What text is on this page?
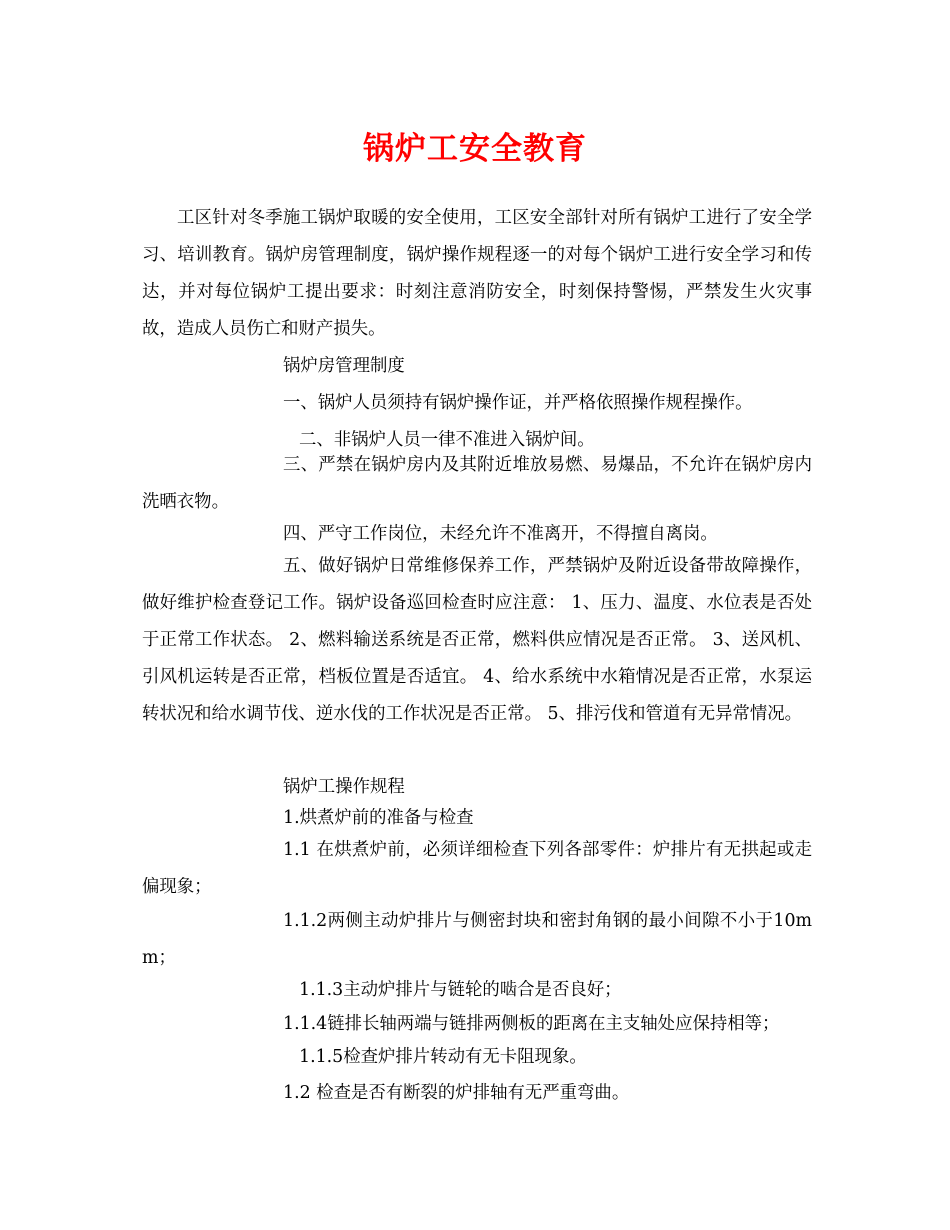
锅炉工安全教育

工区针对冬季施工锅炉取暖的安全使用，工区安全部针对所有锅炉工进行了安全学习、培训教育。锅炉房管理制度，锅炉操作规程逐一的对每个锅炉工进行安全学习和传达，并对每位锅炉工提出要求：时刻注意消防安全，时刻保持警惕，严禁发生火灾事故，造成人员伤亡和财产损失。

锅炉房管理制度
一、锅炉人员须持有锅炉操作证，并严格依照操作规程操作。
二、非锅炉人员一律不准进入锅炉间。

三、严禁在锅炉房内及其附近堆放易燃、易爆品，不允许在锅炉房内洗晒衣物。

四、严守工作岗位，未经允许不准离开，不得擅自离岗。

五、做好锅炉日常维修保养工作，严禁锅炉及附近设备带故障操作，做好维护检查登记工作。锅炉设备巡回检查时应注意： 1、压力、温度、水位表是否处于正常工作状态。 2、燃料输送系统是否正常，燃料供应情况是否正常。 3、送风机、引风机运转是否正常，档板位置是否适宜。 4、给水系统中水箱情况是否正常，水泵运转状况和给水调节伐、逆水伐的工作状况是否正常。 5、排污伐和管道有无异常情况。

锅炉工操作规程
1.烘煮炉前的准备与检查

1.1 在烘煮炉前，必须详细检查下列各部零件：炉排片有无拱起或走偏现象；

1.1.2两侧主动炉排片与侧密封块和密封角钢的最小间隙不小于10mm；

1.1.3主动炉排片与链轮的啮合是否良好；
1.1.4链排长轴两端与链排两侧板的距离在主支轴处应保持相等；
1.1.5检查炉排片转动有无卡阻现象。
1.2 检查是否有断裂的炉排轴有无严重弯曲。
